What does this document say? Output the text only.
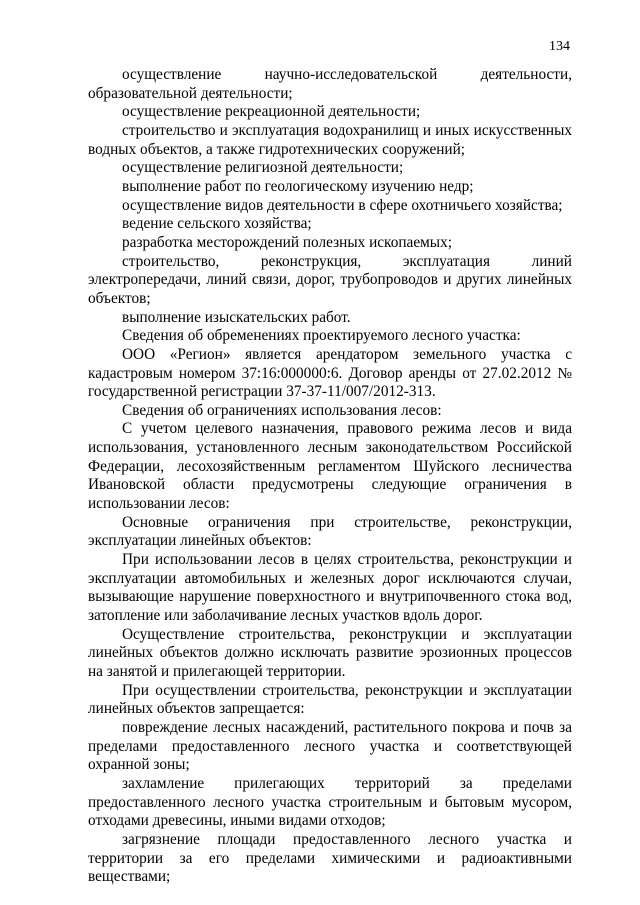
134

осуществление научно-исследовательской деятельности, образовательной деятельности;

осуществление рекреационной деятельности;

строительство и эксплуатация водохранилищ и иных искусственных водных объектов, а также гидротехнических сооружений;

осуществление религиозной деятельности;

выполнение работ по геологическому изучению недр;

осуществление видов деятельности в сфере охотничьего хозяйства;

ведение сельского хозяйства;

разработка месторождений полезных ископаемых;

строительство, реконструкция, эксплуатация линий электропередачи, линий связи, дорог, трубопроводов и других линейных объектов;

выполнение изыскательских работ.

Сведения об обременениях проектируемого лесного участка:

ООО «Регион» является арендатором земельного участка с кадастровым номером 37:16:000000:6. Договор аренды от 27.02.2012 № государственной регистрации 37-37-11/007/2012-313.

Сведения об ограничениях использования лесов:

С учетом целевого назначения, правового режима лесов и вида использования, установленного лесным законодательством Российской Федерации, лесохозяйственным регламентом Шуйского лесничества Ивановской области предусмотрены следующие ограничения в использовании лесов:

Основные ограничения при строительстве, реконструкции, эксплуатации линейных объектов:

При использовании лесов в целях строительства, реконструкции и эксплуатации автомобильных и железных дорог исключаются случаи, вызывающие нарушение поверхностного и внутрипочвенного стока вод, затопление или заболачивание лесных участков вдоль дорог.

Осуществление строительства, реконструкции и эксплуатации линейных объектов должно исключать развитие эрозионных процессов на занятой и прилегающей территории.

При осуществлении строительства, реконструкции и эксплуатации линейных объектов запрещается:

повреждение лесных насаждений, растительного покрова и почв за пределами предоставленного лесного участка и соответствующей охранной зоны;

захламление прилегающих территорий за пределами предоставленного лесного участка строительным и бытовым мусором, отходами древесины, иными видами отходов;

загрязнение площади предоставленного лесного участка и территории за его пределами химическими и радиоактивными веществами;
